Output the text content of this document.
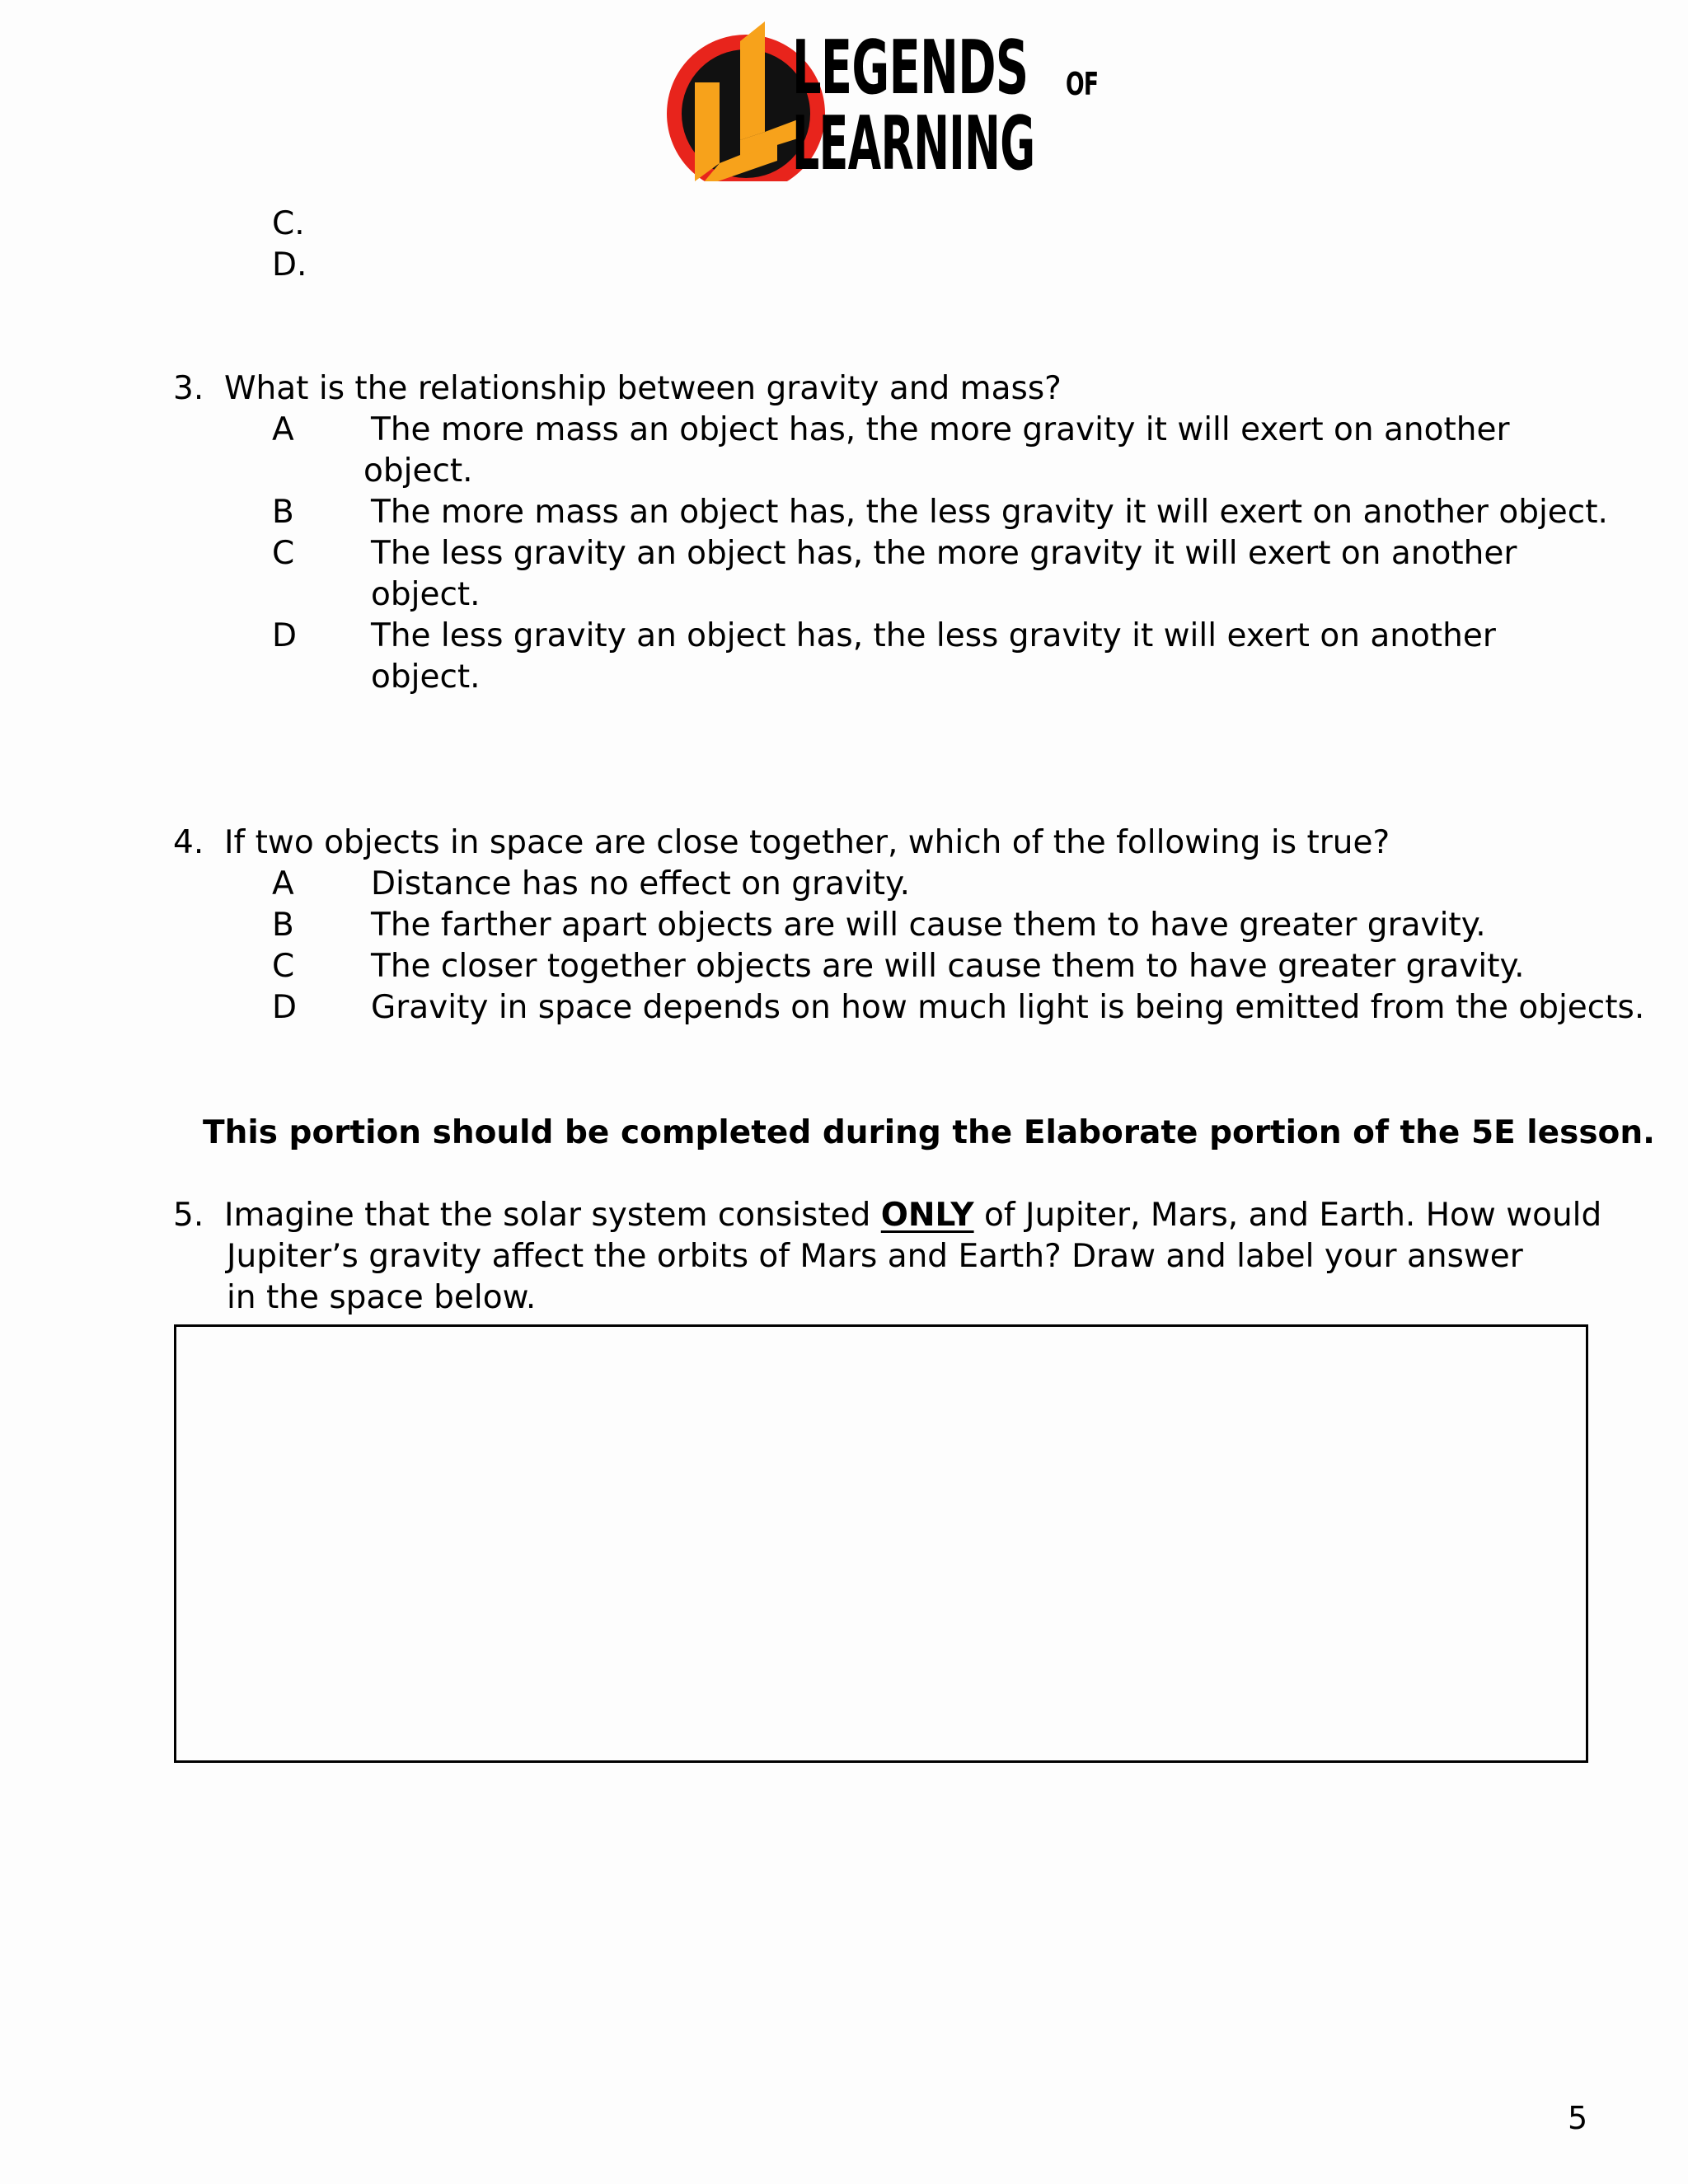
LEGENDS OF
LEARNING
C.
D.
3. What is the relationship between gravity and mass?
A The more mass an object has, the more gravity it will exert on another
object.
B The more mass an object has, the less gravity it will exert on another object.
C The less gravity an object has, the more gravity it will exert on another
object.
D The less gravity an object has, the less gravity it will exert on another
object.
4. If two objects in space are close together, which of the following is true?
A Distance has no effect on gravity.
B The farther apart objects are will cause them to have greater gravity.
C The closer together objects are will cause them to have greater gravity.
D Gravity in space depends on how much light is being emitted from the objects.
This portion should be completed during the Elaborate portion of the 5E lesson.
5. Imagine that the solar system consisted ONLY of Jupiter, Mars, and Earth. How would
Jupiter’s gravity affect the orbits of Mars and Earth? Draw and label your answer
in the space below.
5
